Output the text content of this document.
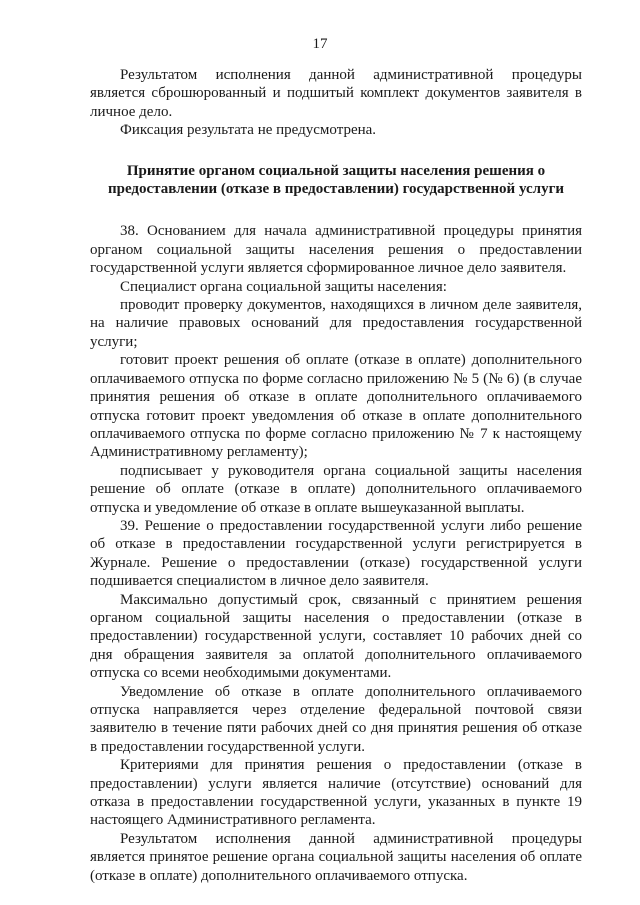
17

Результатом исполнения данной административной процедуры является сброшюрованный и подшитый комплект документов заявителя в личное дело.

Фиксация результата не предусмотрена.

Принятие органом социальной защиты населения решения о
предоставлении (отказе в предоставлении) государственной услуги

38. Основанием для начала административной процедуры принятия органом социальной защиты населения решения о предоставлении государственной услуги является сформированное личное дело заявителя.

Специалист органа социальной защиты населения:

проводит проверку документов, находящихся в личном деле заявителя, на наличие правовых оснований для предоставления государственной услуги;

готовит проект решения об оплате (отказе в оплате) дополнительного оплачиваемого отпуска по форме согласно приложению № 5 (№ 6) (в случае принятия решения об отказе в оплате дополнительного оплачиваемого отпуска готовит проект уведомления об отказе в оплате дополнительного оплачиваемого отпуска по форме согласно приложению № 7 к настоящему Административному регламенту);

подписывает у руководителя органа социальной защиты населения решение об оплате (отказе в оплате) дополнительного оплачиваемого отпуска и уведомление об отказе в оплате вышеуказанной выплаты.

39. Решение о предоставлении государственной услуги либо решение об отказе в предоставлении государственной услуги регистрируется в Журнале. Решение о предоставлении (отказе) государственной услуги подшивается специалистом в личное дело заявителя.

Максимально допустимый срок, связанный с принятием решения органом социальной защиты населения о предоставлении (отказе в предоставлении) государственной услуги, составляет 10 рабочих дней со дня обращения заявителя за оплатой дополнительного оплачиваемого отпуска со всеми необходимыми документами.

Уведомление об отказе в оплате дополнительного оплачиваемого отпуска направляется через отделение федеральной почтовой связи заявителю в течение пяти рабочих дней со дня принятия решения об отказе в предоставлении государственной услуги.

Критериями для принятия решения о предоставлении (отказе в предоставлении) услуги является наличие (отсутствие) оснований для отказа в предоставлении государственной услуги, указанных в пункте 19 настоящего Административного регламента.

Результатом исполнения данной административной процедуры является принятое решение органа социальной защиты населения об оплате (отказе в оплате) дополнительного оплачиваемого отпуска.
